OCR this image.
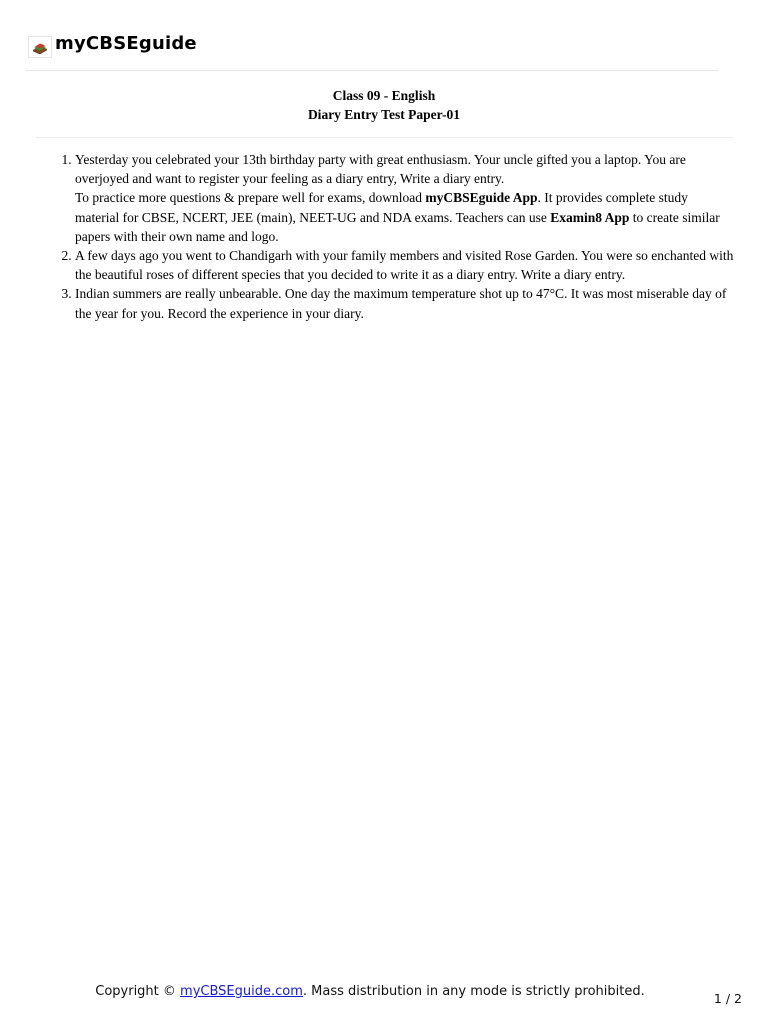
myCBSEguide
Class 09 - English
Diary Entry Test Paper-01
1. Yesterday you celebrated your 13th birthday party with great enthusiasm. Your uncle gifted you a laptop. You are overjoyed and want to register your feeling as a diary entry, Write a diary entry.
To practice more questions & prepare well for exams, download myCBSEguide App. It provides complete study material for CBSE, NCERT, JEE (main), NEET-UG and NDA exams. Teachers can use Examin8 App to create similar papers with their own name and logo.
2. A few days ago you went to Chandigarh with your family members and visited Rose Garden. You were so enchanted with the beautiful roses of different species that you decided to write it as a diary entry. Write a diary entry.
3. Indian summers are really unbearable. One day the maximum temperature shot up to 47°C. It was most miserable day of the year for you. Record the experience in your diary.
Copyright © myCBSEguide.com. Mass distribution in any mode is strictly prohibited.	1 / 2
